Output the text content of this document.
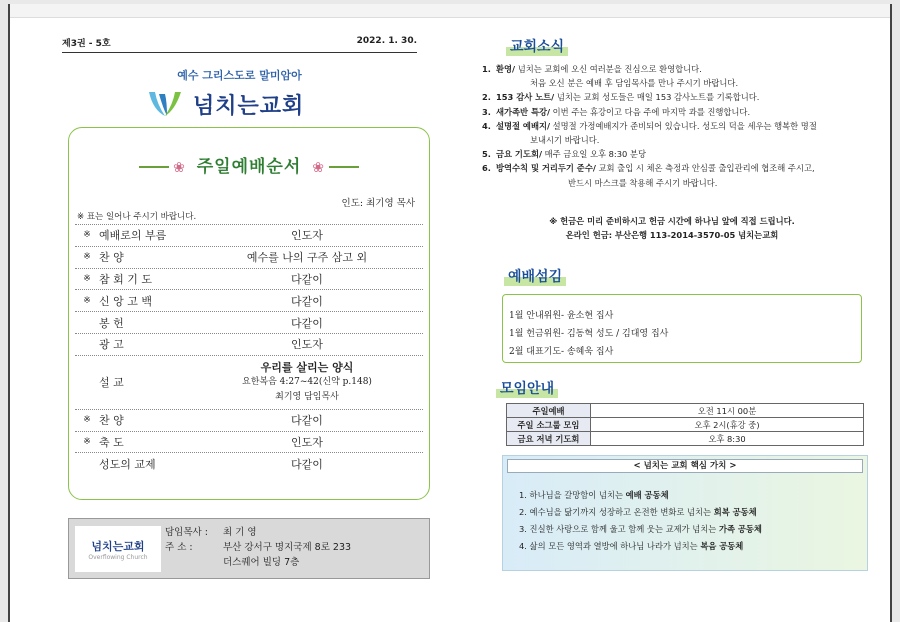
제3권 - 5호	2022. 1. 30.
예수 그리스도로 말미암아
넘치는교회
❀ 주일예배순서 ❀
인도: 최기영 목사
※ 표는 일어나 주시기 바랍니다.
※ 예배로의 부름	인도자
※ 찬 양	예수를 나의 구주 삼고 외
※ 참 회 기 도	다같이
※ 신 앙 고 백	다같이
봉 헌	다같이
광 고	인도자
설 교
우리를 살리는 양식
요한복음 4:27~42(신약 p.148)
최기영 담임목사
※ 찬 양	다같이
※ 축 도	인도자
성도의 교제	다같이
넘치는교회
Overflowing Church
담임목사 : 최 기 영
주 소 :	부산 강서구 명지국제 8로 233
더스퀘어 빌딩 7층
교회소식
1. 환영/ 넘치는 교회에 오신 여러분을 진심으로 환영합니다.
처음 오신 분은 예배 후 담임목사를 만나 주시기 바랍니다.
2. 153 감사 노트/ 넘치는 교회 성도들은 매일 153 감사노트를 기록합니다.
3. 새가족반 특강/ 이번 주는 휴강이고 다음 주에 마지막 과를 진행합니다.
4. 설명절 예배지/ 설명절 가정예배지가 준비되어 있습니다. 성도의 덕을 세우는 행복한 명절
보내시기 바랍니다.
5. 금요 기도회/ 매주 금요일 오후 8:30 분당
6. 방역수칙 및 거리두기 준수/ 교회 출입 시 체온 측정과 안심콜 출입관리에 협조해 주시고,
반드시 마스크를 착용해 주시기 바랍니다.
※ 헌금은 미리 준비하시고 헌금 시간에 하나님 앞에 직접 드립니다.
온라인 헌금: 부산은행 113-2014-3570-05 넘치는교회
예배섬김
1월 안내위원- 윤소현 집사
1월 헌금위원- 김동혁 성도 / 김대영 집사
2월 대표기도- 송혜욱 집사
모임안내
주일예배	오전 11시 00분
주일 소그룹 모임	오후 2시(휴강 중)
금요 저녁 기도회	오후 8:30
< 넘치는 교회 핵심 가치 >
1. 하나님을 갈망함이 넘치는 예배 공동체
2. 예수님을 닮기까지 성장하고 온전한 변화로 넘치는 회복 공동체
3. 진실한 사랑으로 함께 울고 함께 웃는 교제가 넘치는 가족 공동체
4. 삶의 모든 영역과 열방에 하나님 나라가 넘치는 복음 공동체
